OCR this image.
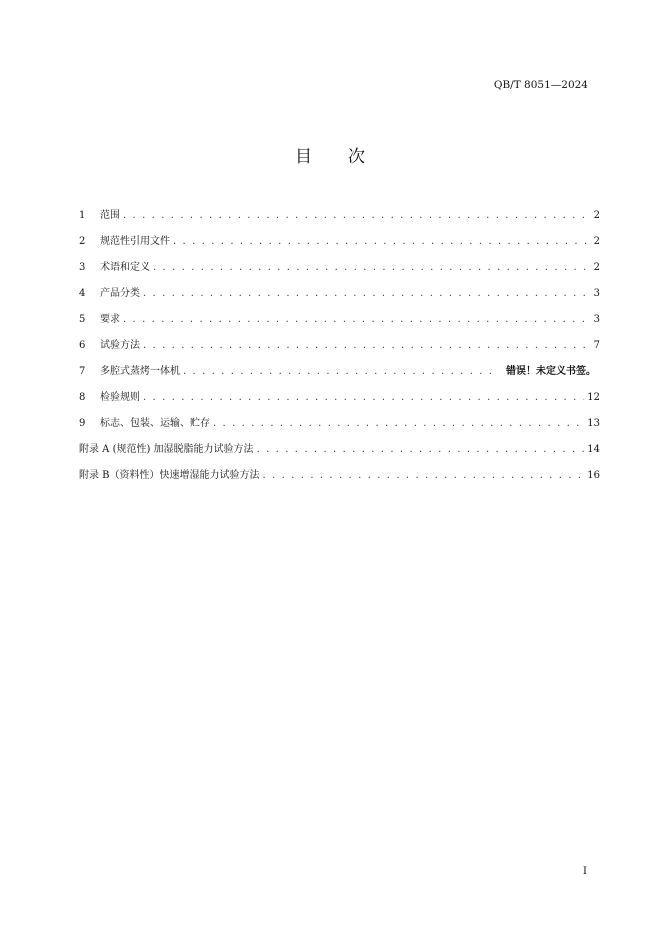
QB/T 8051—2024
目 次
1	范围 . . .	2
2	规范性引用文件 . . .	2
3	术语和定义 . . .	2
4	产品分类 . . .	3
5	要求 . . .	3
6	试验方法 . . .	7
7	多腔式蒸烤一体机 . . .	错误！未定义书签。
8	检验规则 . . .	12
9	标志、包装、运输、贮存 . . .	13
附录 A (规范性) 加湿脱脂能力试验方法 . . .	14
附录 B（资料性）快速增湿能力试验方法 . . .	16
I
